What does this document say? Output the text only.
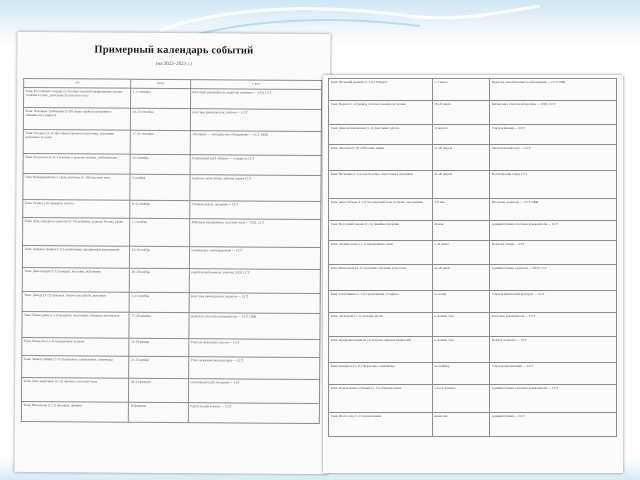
Примерный календарь событий
(на 2022–2023 г.)
что	когда	с кем
Тема: Российский стандарт (2–9) ответственный профилактика лучшие стороны в семье, деятельность классного часа	1–2 сентября	Классный руководитель, родители учеников — ХУД. ССТ
Тема: Основные требования (1–10) новые правила поведения и обязанности учащихся	10–14 сентября	классные руководители, учителя — ССТ
Тема: Осенние (3–11) фестиваль проектов подготовка, участники деятельность в нём	17–21 сентября	«Осенние» — методическое объединение — ССТ, ОБЖ
Тема: Безопасность (3–11) жизнь и здоровье группы, учебный план	24 сентября	Спортивный клуб «Юные» — учащиеся, ССТ
Тема: Культурный квест «День учителя» (1–10) классные часы	5 октября	педагоги, выпускники, рабочая группа ССТ
Тема: Осень (1–4) праздник, классы	8–12 октября	Учебная неделя, праздник — ССТ
Тема: День народного единства (2–10) ветераны, встречи, беседы, уроки	1–5 ноября	Районные мероприятия, классные часы — ХУД. ССТ
Тема: Администрация (3–11) организация, праздничные мероприятия	12–16 ноября	ученическое самоуправление — ССТ
Тема: День матери (1–11) концерт, выставка, подготовка	26–30 ноября	родительский комитет, учителя, ХУД. ССТ
Тема: Декада (3–11) здоровья, творческие работы, выставки	3–14 декабря	Классные руководители, педагоги — ССТ
Тема: Новогодний (1–11) праздник, подготовка, конкурсы, мастерские	17–28 декабря	родители, классные руководители — ССТ, ОБЖ
Тема: Рождество (1–4) праздничные встречи	10–18 января	Учителя начальных классов — ССТ
Тема: Зимние забавы (1–7) спортивные соревнования, олимпиада	21–25 января	Учителя физической культуры — ССТ
Тема: День защитника (5–11) проекты, классные часы	18–22 февраля	Спортивный клуб, ветераны — ССТ
Тема: Масленица (1–11) праздник, ярмарка	26 февраля	Родительский комитет — ССТ
Тема: Весенний концерт (1–11) к 8 Марта	1–7 марта	Педагоги дополнительного образования — ССТ, ОБЖ
Тема: Неделя (1–11) книги, участие в конкурсах чтецов	18–22 марта	Библиотека, учителя литературы — ХУД. ССТ
Тема: День космонавтики (1–11) выставки, работы	12 апреля	Учителя физики — ССТ
Тема: Экология (5–9) субботник, акции	15–26 апреля	Экологический клуб — ССТ
Тема: Весенняя (1–11) неделя добра, подготовка к празднику	22–26 апреля	Волонтёрский отряд, ССТ
Тема: День Победы (1–11) бессмертный полк, встречи с ветеранами	4–9 мая	Ветераны, родители — ССТ, ОБЖ
Тема: Последний звонок (1–11) линейка, праздник	24 мая	Администрация, классные руководители — ССТ
Тема: Летний лагерь (1–7) мероприятия, игры	1–21 июня	Педагоги лагеря — ССТ
Тема: Выпускной (9, 11) праздник, вручение аттестатов	24–29 июня	Администрация, родители — ХУД. ССТ
Тема: Спортивные (1–11) соревнования, эстафеты	по плану	Учителя физической культуры — ССТ
Тема: Экскурсии (1–11) походы, музеи	в течение года	Классные руководители — ССТ
Тема: Профориентация (8–11) встречи, ярмарка профессий	в течение года	Педагог-психолог — ССТ
Тема: Конкурсы (1–11) творческие, олимпиады	по графику	Учителя-предметники — ССТ
Тема: Родительские собрания (1–11) общешкольные	1 раз в четверть	Администрация, классные руководители — ССТ
Тема: Итоги года (1–11) награждение	конец мая	Администрация — ССТ
